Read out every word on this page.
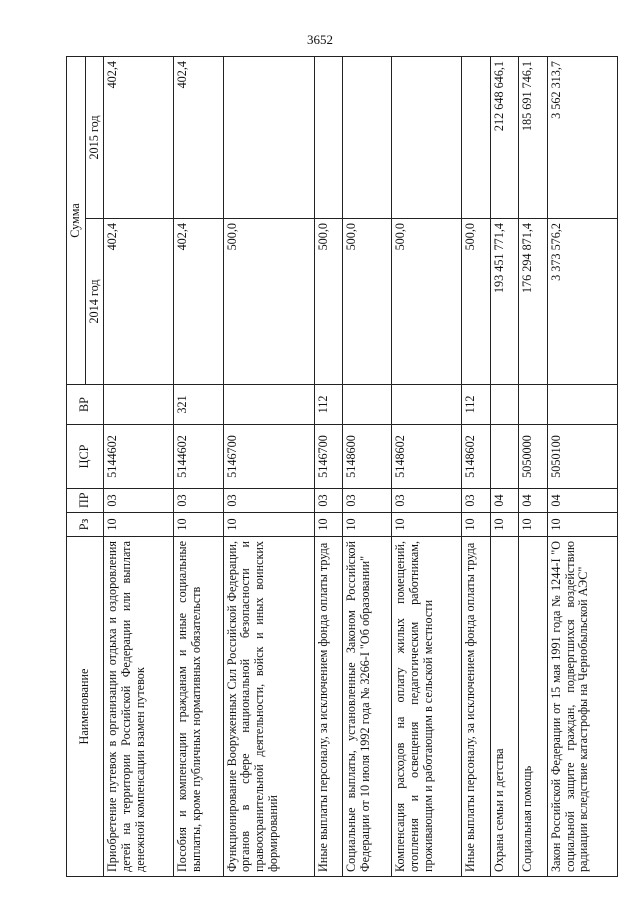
3652
Наименование	Рз	ПР	ЦСР	ВР	Сумма	
					2014 год	2015 год
Приобретение путевок в организации отдыха и оздоровления детей на территории Российской Федерации или выплата денежной компенсации взамен путевок	10	03	5144602		402,4	402,4
Пособия и компенсации гражданам и иные социальные выплаты, кроме публичных нормативных обязательств	10	03	5144602	321	402,4	402,4
Функционирование Вооруженных Сил Российской Федерации, органов в сфере национальной безопасности и правоохранительной деятельности, войск и иных воинских формирований	10	03	5146700		500,0	
Иные выплаты персоналу, за исключением фонда оплаты труда	10	03	5146700	112	500,0	
Социальные выплаты, установленные Законом Российской Федерации от 10 июля 1992 года № 3266-I "Об образовании"	10	03	5148600		500,0	
Компенсация расходов на оплату жилых помещений, отопления и освещения педагогическим работникам, проживающим и работающим в сельской местности	10	03	5148602		500,0	
Иные выплаты персоналу, за исключением фонда оплаты труда	10	03	5148602	112	500,0	
Охрана семьи и детства	10	04			193 451 771,4	212 648 646,1
Социальная помощь	10	04	5050000		176 294 871,4	185 691 746,1
Закон Российской Федерации от 15 мая 1991 года № 1244-I "О социальной защите граждан, подвергшихся воздействию радиации вследствие катастрофы на Чернобыльской АЭС"	10	04	5050100		3 373 576,2	3 562 313,7
